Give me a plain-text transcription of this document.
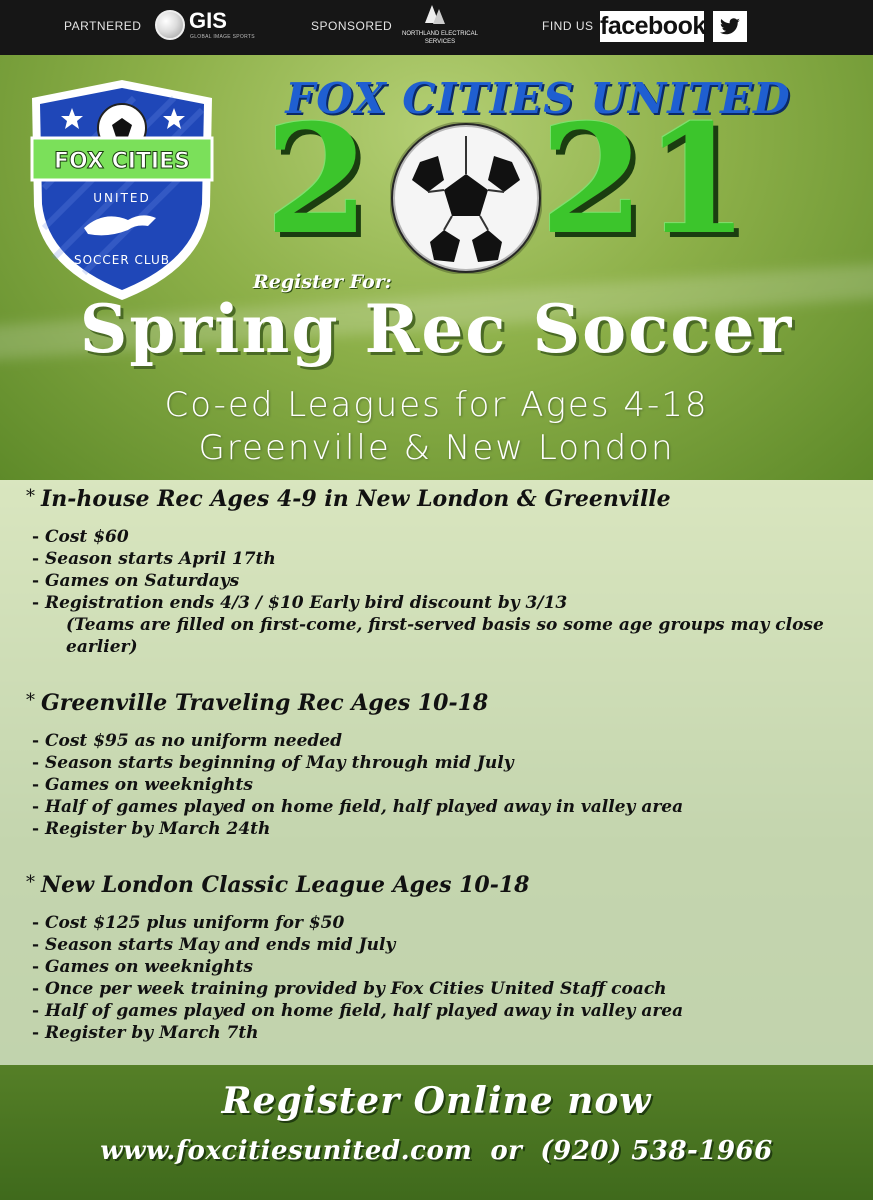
PARTNERED GIS
GLOBAL IMAGE SPORTS
SPONSORED
NORTHLAND ELECTRICAL
SERVICES
FIND US facebook
FOX CITIES
UNITED
SOCCER CLUB
FOX CITIES UNITED
2 21
Register For:
Spring Rec Soccer
Co-ed Leagues for Ages 4-18
Greenville & New London
* In-house Rec Ages 4-9 in New London & Greenville
- Cost $60
- Season starts April 17th
- Games on Saturdays
- Registration ends 4/3 / $10 Early bird discount by 3/13
(Teams are filled on first-come, first-served basis so some age groups may close earlier)
* Greenville Traveling Rec Ages 10-18
- Cost $95 as no uniform needed
- Season starts beginning of May through mid July
- Games on weeknights
- Half of games played on home field, half played away in valley area
- Register by March 24th
* New London Classic League Ages 10-18
- Cost $125 plus uniform for $50
- Season starts May and ends mid July
- Games on weeknights
- Once per week training provided by Fox Cities United Staff coach
- Half of games played on home field, half played away in valley area
- Register by March 7th
Register Online now
www.foxcitiesunited.com or (920) 538-1966
